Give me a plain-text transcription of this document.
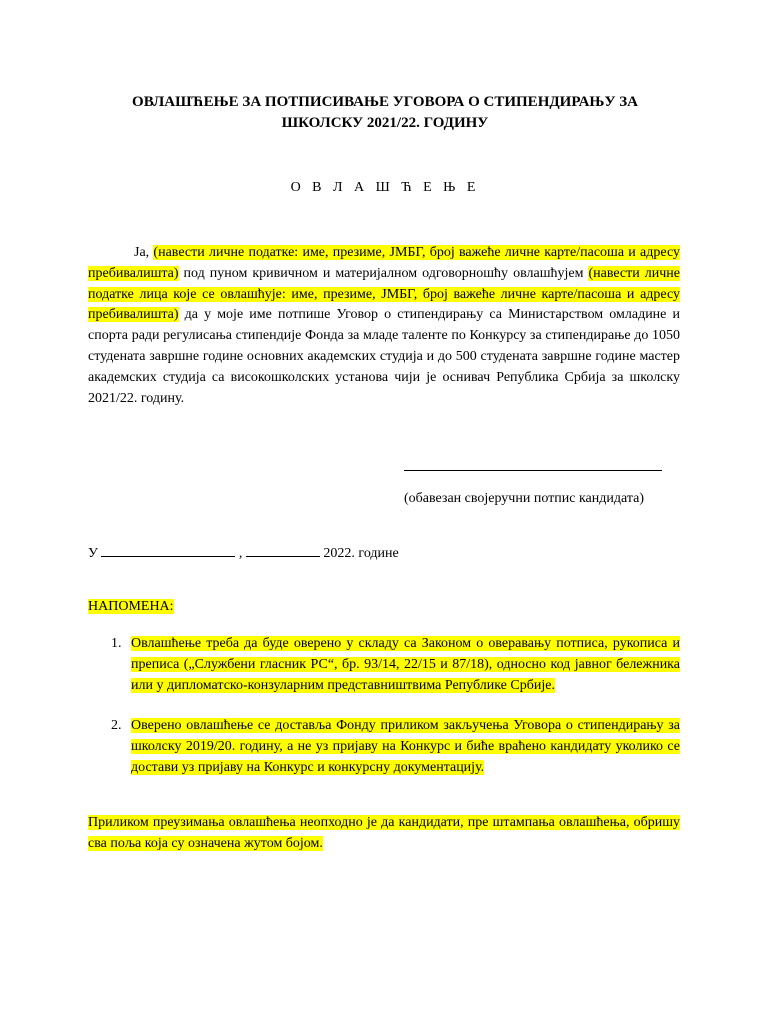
ОВЛАШЋЕЊЕ ЗА ПОТПИСИВАЊЕ УГОВОРА О СТИПЕНДИРАЊУ ЗА
ШКОЛСКУ 2021/22. ГОДИНУ
О В Л А Ш Ћ Е Њ Е

Ја, (навести личне податке: име, презиме, ЈМБГ, број важеће личне карте/пасоша и адресу пребивалишта) под пуном кривичном и материјалном одговорношћу овлашћујем (навести личне податке лица које се овлашћује: име, презиме, ЈМБГ, број важеће личне карте/пасоша и адресу пребивалишта) да у моје име потпише Уговор о стипендирању са Министарством омладине и спорта ради регулисања стипендије Фонда за младе таленте по Конкурсу за стипендирање до 1050 студената завршне године основних академских студија и до 500 студената завршне године мастер академских студија са високошколских установа чији је оснивач Република Србија за школску 2021/22. годину.

(обавезан својеручни потпис кандидата)
У	,	2022. године
НАПОМЕНА:
1. Овлашћење треба да буде оверено у складу са Законом о оверавању потписа, рукописа и преписа („Службени гласник РС“, бр. 93/14, 22/15 и 87/18), односно код јавног бележника или у дипломатско-конзуларним представништвима Републике Србије.
2. Оверено овлашћење се доставља Фонду приликом закључења Уговора о стипендирању за школску 2019/20. годину, а не уз пријаву на Конкурс и биће враћено кандидату уколико се достави уз пријаву на Конкурс и конкурсну документацију.

Приликом преузимања овлашћења неопходно је да кандидати, пре штампања овлашћења, обришу сва поља која су означена жутом бојом.
